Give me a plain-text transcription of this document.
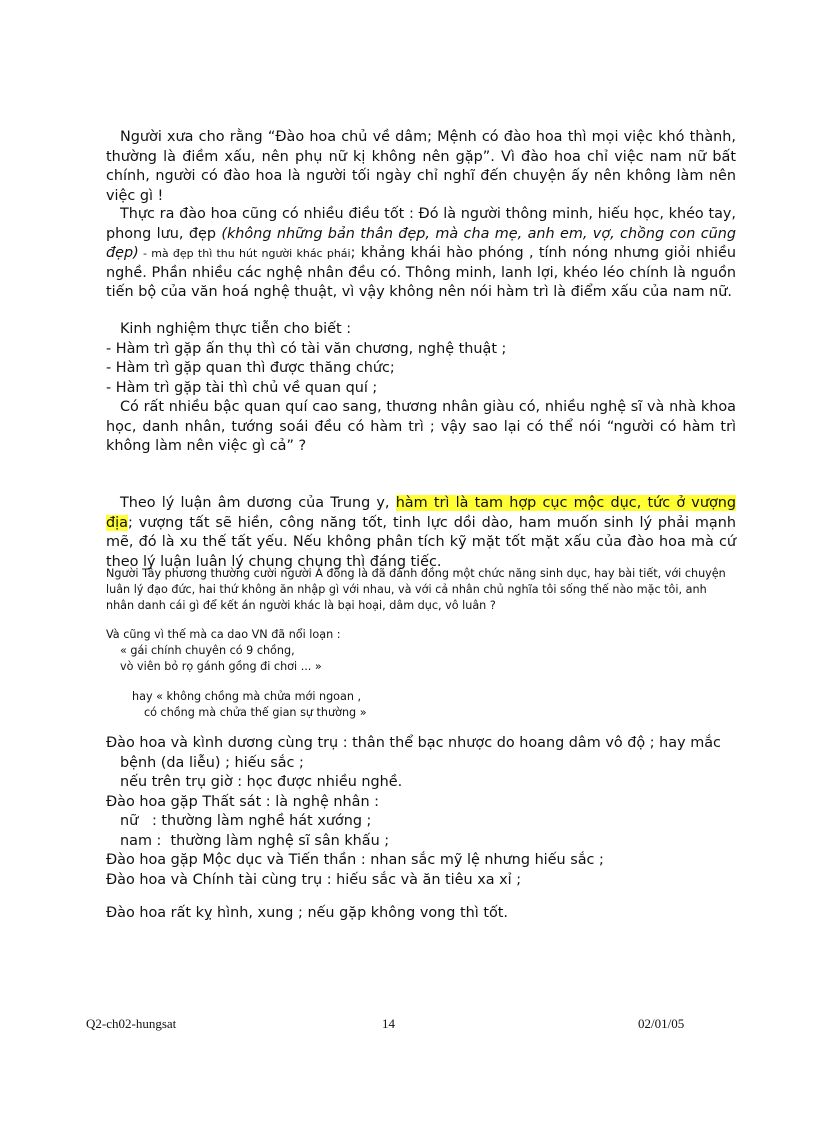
Người xưa cho rằng “Đào hoa chủ về dâm; Mệnh có đào hoa thì mọi việc khó thành, thường là điềm xấu, nên phụ nữ kị không nên gặp”. Vì đào hoa chỉ việc nam nữ bất chính, người có đào hoa là người tối ngày chỉ nghĩ đến chuyện ấy nên không làm nên việc gì !

Thực ra đào hoa cũng có nhiều điều tốt : Đó là người thông minh, hiếu học, khéo tay, phong lưu, đẹp (không những bản thân đẹp, mà cha mẹ, anh em, vợ, chồng con cũng đẹp) - mà đẹp thì thu hút người khác phái; khảng khái hào phóng , tính nóng nhưng giỏi nhiều nghề. Phần nhiều các nghệ nhân đều có. Thông minh, lanh lợi, khéo léo chính là nguồn tiến bộ của văn hoá nghệ thuật, vì vậy không nên nói hàm trì là điểm xấu của nam nữ.

Kinh nghiệm thực tiễn cho biết :
- Hàm trì gặp ấn thụ thì có tài văn chương, nghệ thuật ;
- Hàm trì gặp quan thì được thăng chức;
- Hàm trì gặp tài thì chủ về quan quí ;

Có rất nhiều bậc quan quí cao sang, thương nhân giàu có, nhiều nghệ sĩ và nhà khoa học, danh nhân, tướng soái đều có hàm trì ; vậy sao lại có thể nói “người có hàm trì không làm nên việc gì cả” ?

Theo lý luận âm dương của Trung y, hàm trì là tam hợp cục mộc dục, tức ở vượng địa; vượng tất sẽ hiền, công năng tốt, tinh lực dồi dào, ham muốn sinh lý phải mạnh mẽ, đó là xu thế tất yếu. Nếu không phân tích kỹ mặt tốt mặt xấu của đào hoa mà cứ theo lý luận luân lý chung chung thì đáng tiếc.

Người Tây phương thường cười người Á đông là đã đánh đồng một chức năng sinh dục, hay bài tiết, với chuyện luân lý đạo đức, hai thứ không ăn nhập gì với nhau, và với cả nhân chủ nghĩa tôi sống thế nào mặc tôi, anh nhân danh cái gì để kết án người khác là bại hoại, dâm dục, vô luân ?

Và cũng vì thế mà ca dao VN đã nổi loạn :
« gái chính chuyên có 9 chồng,
vò viên bỏ rọ gánh gồng đi chơi ... »
hay « không chồng mà chửa mới ngoan ,
có chồng mà chửa thế gian sự thường »
Đào hoa và kình dương cùng trụ : thân thể bạc nhược do hoang dâm vô độ ; hay mắc
bệnh (da liễu) ; hiếu sắc ;
nếu trên trụ giờ : học được nhiều nghề.
Đào hoa gặp Thất sát : là nghệ nhân :
nữ   : thường làm nghề hát xướng ;
nam :  thường làm nghệ sĩ sân khấu ;
Đào hoa gặp Mộc dục và Tiến thần : nhan sắc mỹ lệ nhưng hiếu sắc ;
Đào hoa và Chính tài cùng trụ : hiếu sắc và ăn tiêu xa xỉ ;
Đào hoa rất kỵ hình, xung ; nếu gặp không vong thì tốt.
Q2-ch02-hungsat	14	02/01/05
